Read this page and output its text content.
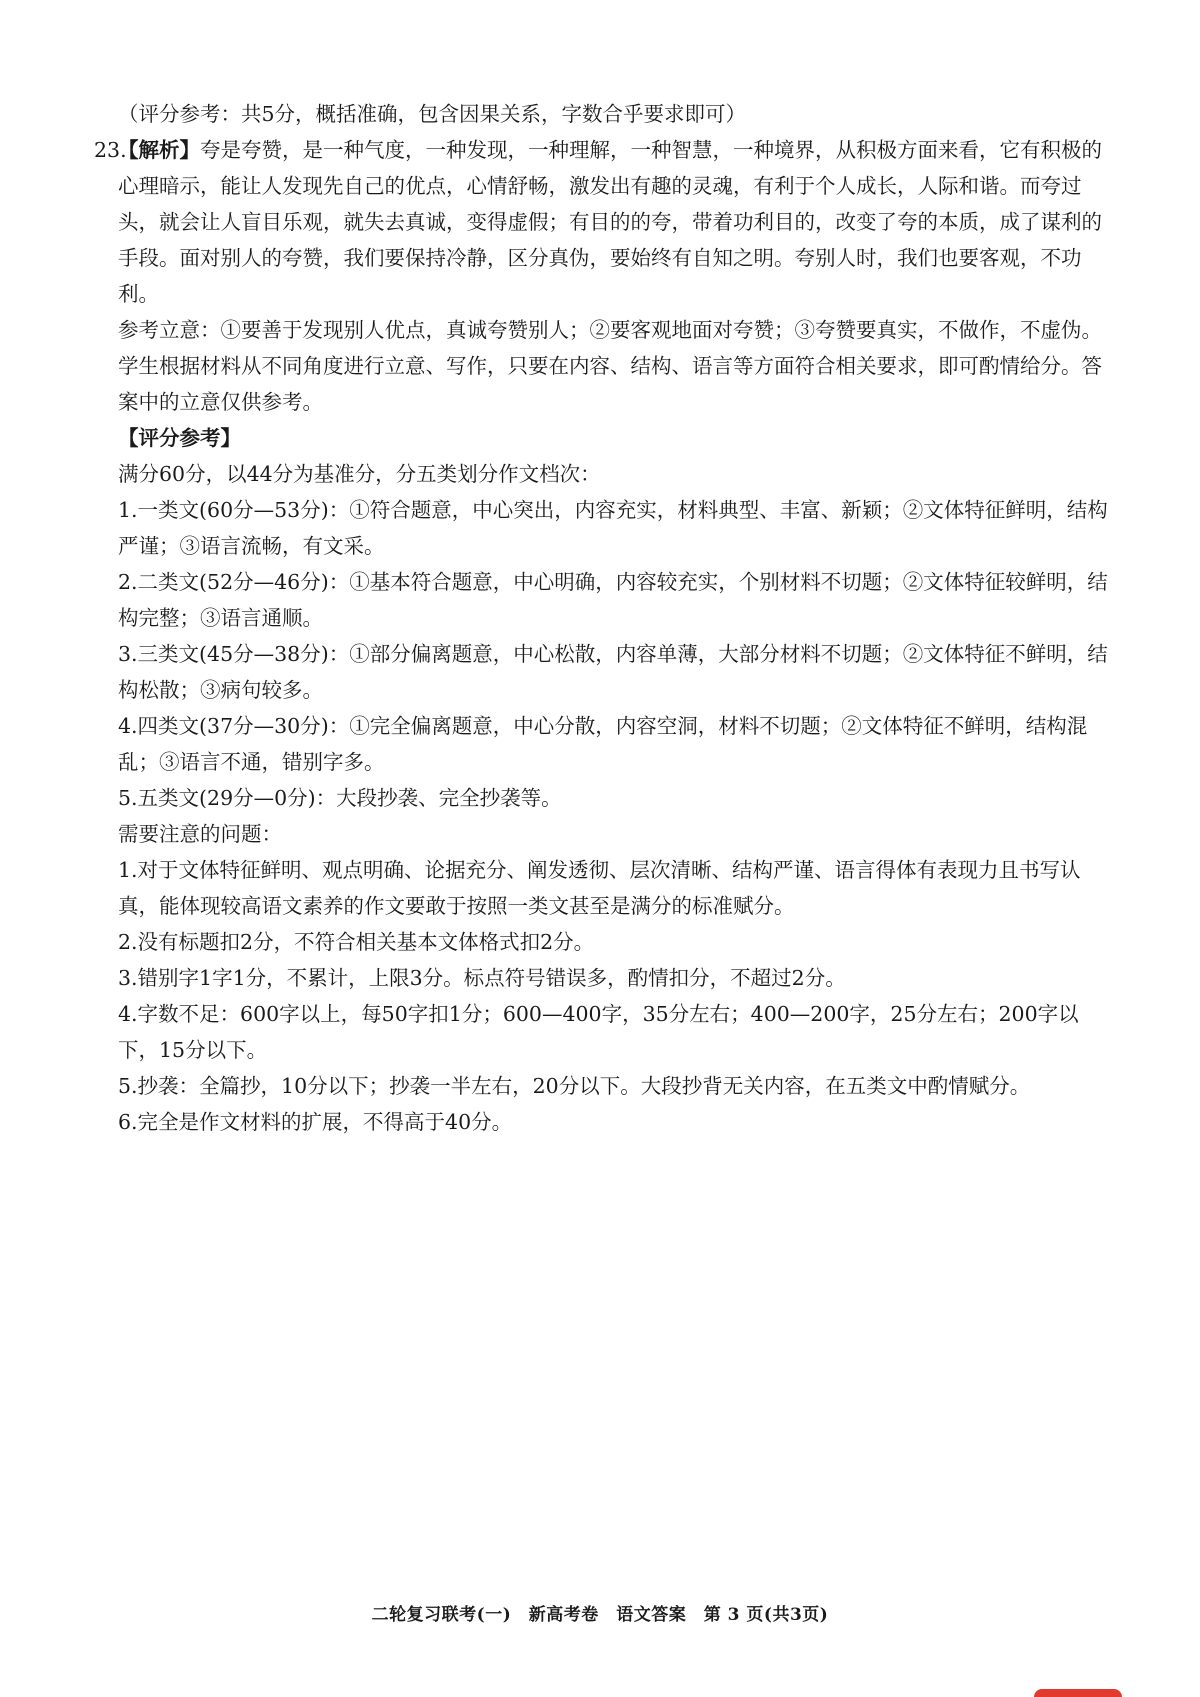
（评分参考：共5分，概括准确，包含因果关系，字数合乎要求即可）

23.

【解析】夸是夸赞，是一种气度，一种发现，一种理解，一种智慧，一种境界，从积极方面来看，它有积极的心理暗示，能让人发现先自己的优点，心情舒畅，激发出有趣的灵魂，有利于个人成长，人际和谐。而夸过头，就会让人盲目乐观，就失去真诚，变得虚假；有目的的夸，带着功利目的，改变了夸的本质，成了谋利的手段。面对别人的夸赞，我们要保持冷静，区分真伪，要始终有自知之明。夸别人时，我们也要客观，不功利。

参考立意：①要善于发现别人优点，真诚夸赞别人；②要客观地面对夸赞；③夸赞要真实，不做作，不虚伪。

学生根据材料从不同角度进行立意、写作，只要在内容、结构、语言等方面符合相关要求，即可酌情给分。答案中的立意仅供参考。

【评分参考】

满分60分，以44分为基准分，分五类划分作文档次：

1.一类文(60分—53分)：①符合题意，中心突出，内容充实，材料典型、丰富、新颖；②文体特征鲜明，结构严谨；③语言流畅，有文采。

2.二类文(52分—46分)：①基本符合题意，中心明确，内容较充实，个别材料不切题；②文体特征较鲜明，结构完整；③语言通顺。

3.三类文(45分—38分)：①部分偏离题意，中心松散，内容单薄，大部分材料不切题；②文体特征不鲜明，结构松散；③病句较多。

4.四类文(37分—30分)：①完全偏离题意，中心分散，内容空洞，材料不切题；②文体特征不鲜明，结构混乱；③语言不通，错别字多。

5.五类文(29分—0分)：大段抄袭、完全抄袭等。

需要注意的问题：

1.对于文体特征鲜明、观点明确、论据充分、阐发透彻、层次清晰、结构严谨、语言得体有表现力且书写认真，能体现较高语文素养的作文要敢于按照一类文甚至是满分的标准赋分。

2.没有标题扣2分，不符合相关基本文体格式扣2分。

3.错别字1字1分，不累计，上限3分。标点符号错误多，酌情扣分，不超过2分。

4.字数不足：600字以上，每50字扣1分；600—400字，35分左右；400—200字，25分左右；200字以下，15分以下。

5.抄袭：全篇抄，10分以下；抄袭一半左右，20分以下。大段抄背无关内容，在五类文中酌情赋分。

6.完全是作文材料的扩展，不得高于40分。

二轮复习联考(一)　新高考卷　语文答案　第 3 页(共3页)
